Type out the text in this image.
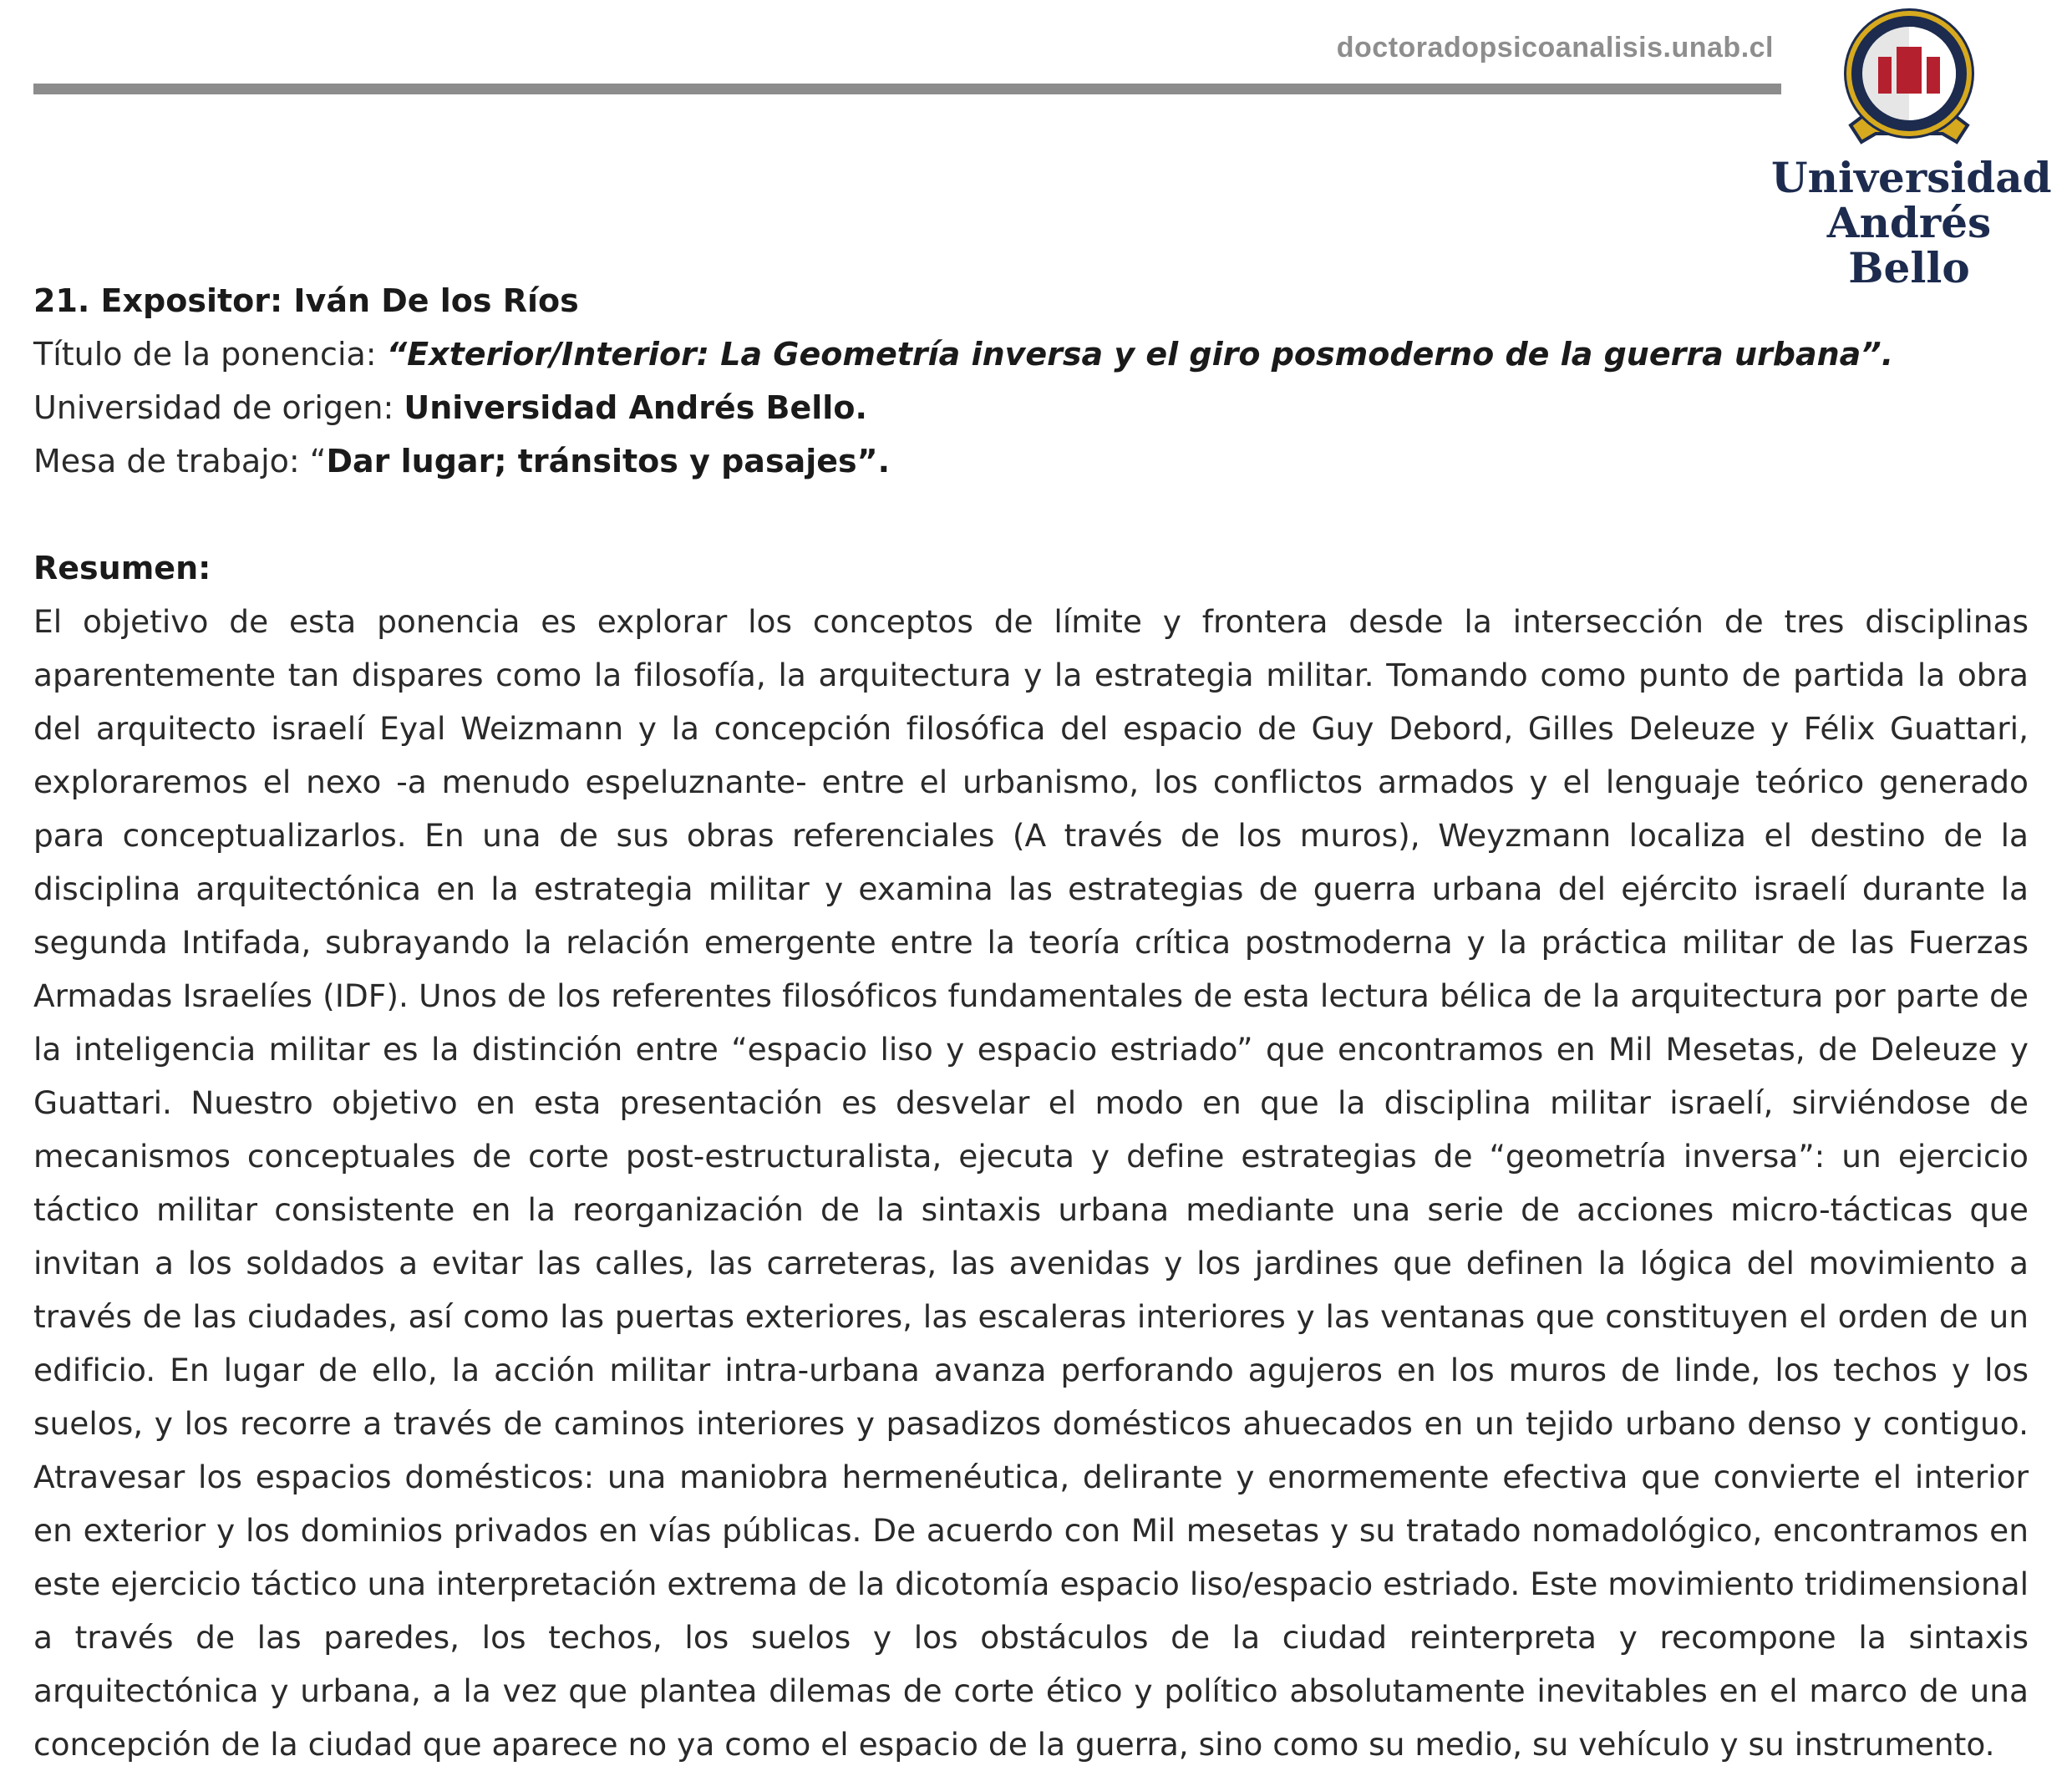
doctoradopsicoanalisis.unab.cl
Universidad
Andrés Bello
21. Expositor: Iván De los Ríos
Título de la ponencia: “Exterior/Interior: La Geometría inversa y el giro posmoderno de la guerra urbana”.
Universidad de origen: Universidad Andrés Bello.
Mesa de trabajo: “Dar lugar; tránsitos y pasajes”.
Resumen:
El objetivo de esta ponencia es explorar los conceptos de límite y frontera desde la intersección de tres disciplinas aparentemente tan dispares como la filosofía, la arquitectura y la estrategia militar. Tomando como punto de partida la obra del arquitecto israelí Eyal Weizmann y la concepción filosófica del espacio de Guy Debord, Gilles Deleuze y Félix Guattari, exploraremos el nexo -a menudo espeluznante- entre el urbanismo, los conflictos armados y el lenguaje teórico generado para conceptualizarlos. En una de sus obras referenciales (A través de los muros), Weyzmann localiza el destino de la disciplina arquitectónica en la estrategia militar y examina las estrategias de guerra urbana del ejército israelí durante la segunda Intifada, subrayando la relación emergente entre la teoría crítica postmoderna y la práctica militar de las Fuerzas Armadas Israelíes (IDF). Unos de los referentes filosóficos fundamentales de esta lectura bélica de la arquitectura por parte de la inteligencia militar es la distinción entre “espacio liso y espacio estriado” que encontramos en Mil Mesetas, de Deleuze y Guattari. Nuestro objetivo en esta presentación es desvelar el modo en que la disciplina militar israelí, sirviéndose de mecanismos conceptuales de corte post-estructuralista, ejecuta y define estrategias de “geometría inversa”: un ejercicio táctico militar consistente en la reorganización de la sintaxis urbana mediante una serie de acciones micro-tácticas que invitan a los soldados a evitar las calles, las carreteras, las avenidas y los jardines que definen la lógica del movimiento a través de las ciudades, así como las puertas exteriores, las escaleras interiores y las ventanas que constituyen el orden de un edificio. En lugar de ello, la acción militar intra-urbana avanza perforando agujeros en los muros de linde, los techos y los suelos, y los recorre a través de caminos interiores y pasadizos domésticos ahuecados en un tejido urbano denso y contiguo. Atravesar los espacios domésticos: una maniobra hermenéutica, delirante y enormemente efectiva que convierte el interior en exterior y los dominios privados en vías públicas. De acuerdo con Mil mesetas y su tratado nomadológico, encontramos en este ejercicio táctico una interpretación extrema de la dicotomía espacio liso/espacio estriado. Este movimiento tridimensional a través de las paredes, los techos, los suelos y los obstáculos de la ciudad reinterpreta y recompone la sintaxis arquitectónica y urbana, a la vez que plantea dilemas de corte ético y político absolutamente inevitables en el marco de una concepción de la ciudad que aparece no ya como el espacio de la guerra, sino como su medio, su vehículo y su instrumento.
